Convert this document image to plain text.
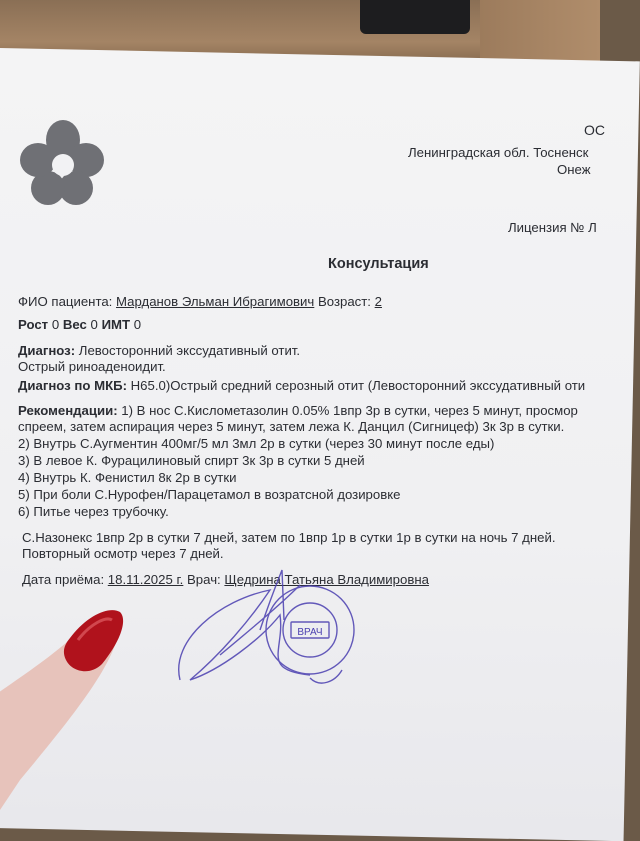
ОС
Ленинградская обл. Тосненск
Онеж
Лицензия № Л
Консультация
ФИО пациента: Марданов Эльман Ибрагимович Возраст: 2
Рост 0 Вес 0 ИМТ 0
Диагноз: Левосторонний экссудативный отит.
Острый риноаденоидит.
Диагноз по МКБ: Н65.0)Острый средний серозный отит (Левосторонний экссудативный оти
Рекомендации: 1) В нос С.Кислометазолин 0.05% 1впр 3р в сутки, через 5 минут, просмор
спреем, затем аспирация через 5 минут, затем лежа К. Данцил (Сигницеф) 3к 3р в сутки.
2) Внутрь С.Аугментин 400мг/5 мл 3мл 2р в сутки (через 30 минут после еды)
3) В левое К. Фурацилиновый спирт 3к 3р в сутки 5 дней
4) Внутрь К. Фенистил 8к 2р в сутки
5) При боли С.Нурофен/Парацетамол в возратсной дозировке
6) Питье через трубочку.
С.Назонекс 1впр 2р в сутки 7 дней, затем по 1впр 1р в сутки 1р в сутки на ночь 7 дней.
Повторный осмотр через 7 дней.
Дата приёма: 18.11.2025 г. Врач: Щедрина Татьяна Владимировна
ВРАЧ
